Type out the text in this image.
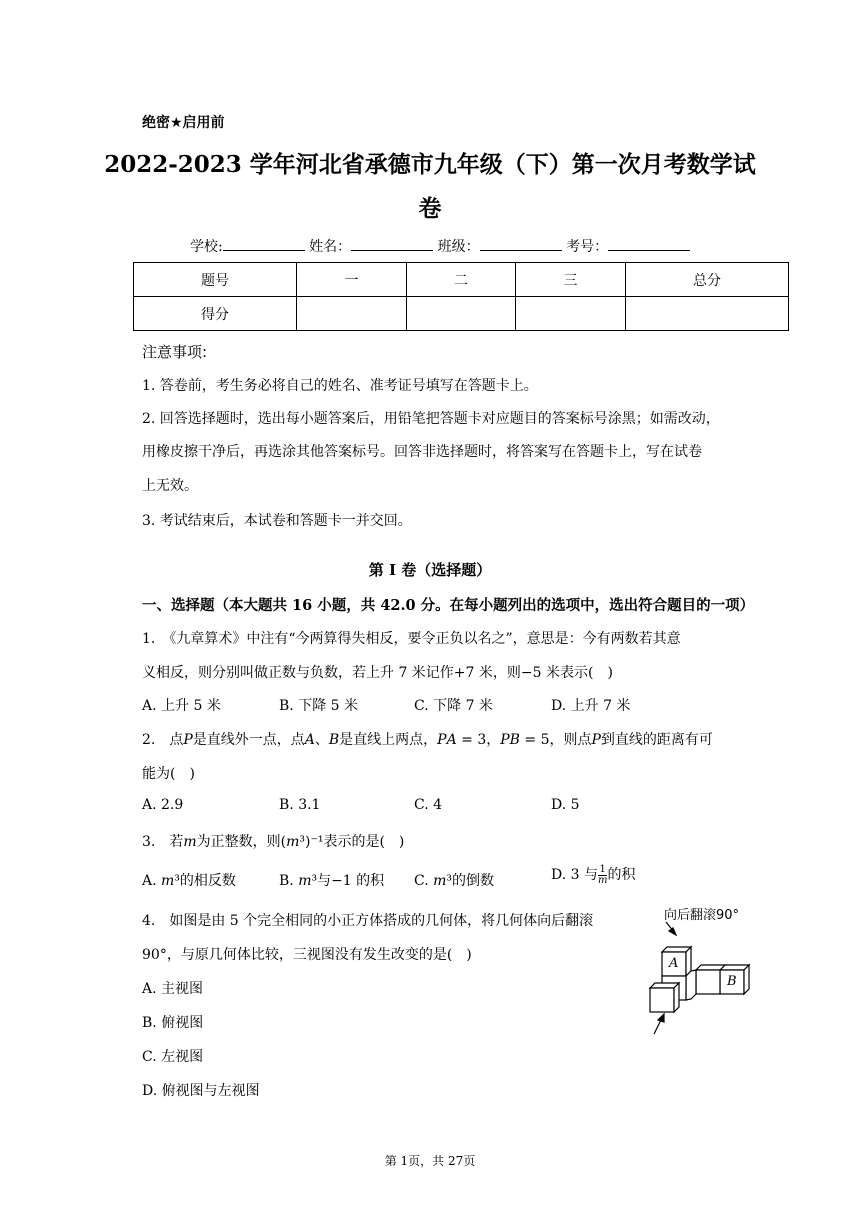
绝密★启用前
2022-2023 学年河北省承德市九年级（下）第一次月考数学试
卷
学校:	姓名：	班级：	考号：
题号	一	二	三	总分
得分				
注意事项:
1. 答卷前，考生务必将自己的姓名、准考证号填写在答题卡上。
2. 回答选择题时，选出每小题答案后，用铅笔把答题卡对应题目的答案标号涂黑；如需改动，
用橡皮擦干净后，再选涂其他答案标号。回答非选择题时，将答案写在答题卡上，写在试卷
上无效。
3. 考试结束后，本试卷和答题卡一并交回。
第 I 卷（选择题）
一、选择题（本大题共 16 小题，共 42.0 分。在每小题列出的选项中，选出符合题目的一项）
1.　《九章算术》中注有“今两算得失相反，要令正负以名之”，意思是：今有两数若其意
义相反，则分别叫做正数与负数，若上升 7 米记作+7 米，则−5 米表示(　)
A. 上升 5 米	B. 下降 5 米	C. 下降 7 米	D. 上升 7 米
2.　点𝑃是直线外一点，点𝐴、𝐵是直线上两点，𝑃𝐴 = 3，𝑃𝐵 = 5，则点𝑃到直线的距离有可
能为(　)
A. 2.9	B. 3.1	C. 4	D. 5
3.　若𝑚为正整数，则(𝑚³)⁻¹表示的是(　)
A. 𝑚³的相反数	B. 𝑚³与−1 的积 C. 𝑚³的倒数	D. 3 与 $\frac{1}{\text{𝑚}}$ 的积
4.　如图是由 5 个完全相同的小正方体搭成的几何体，将几何体向后翻滚
90°，与原几何体比较，三视图没有发生改变的是(　)
A. 主视图
B. 俯视图
C. 左视图
D. 俯视图与左视图
向后翻滚90°
A
B
第 1页，共 27页
